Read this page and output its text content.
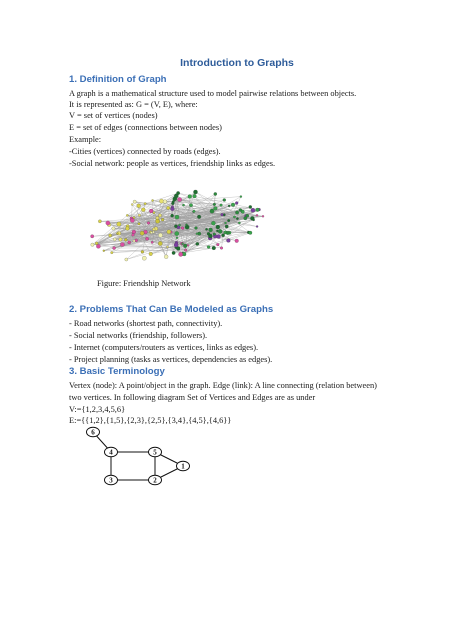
Introduction to Graphs
1. Definition of Graph
A graph is a mathematical structure used to model pairwise relations between objects.
It is represented as: G = (V, E), where:
V = set of vertices (nodes)
E = set of edges (connections between nodes)
Example:
-Cities (vertices) connected by roads (edges).
-Social network: people as vertices, friendship links as edges.
Figure: Friendship Network
2. Problems That Can Be Modeled as Graphs
- Road networks (shortest path, connectivity).
- Social networks (friendship, followers).
- Internet (computers/routers as vertices, links as edges).
- Project planning (tasks as vertices, dependencies as edges).
3. Basic Terminology
Vertex (node): A point/object in the graph. Edge (link): A line connecting (relation between)
two vertices. In following diagram Set of Vertices and Edges are as under
V:={1,2,3,4,5,6}
E:={{1,2},{1,5},{2,3},{2,5},{3,4},{4,5},{4,6}}
6
4	5
1
3	2
